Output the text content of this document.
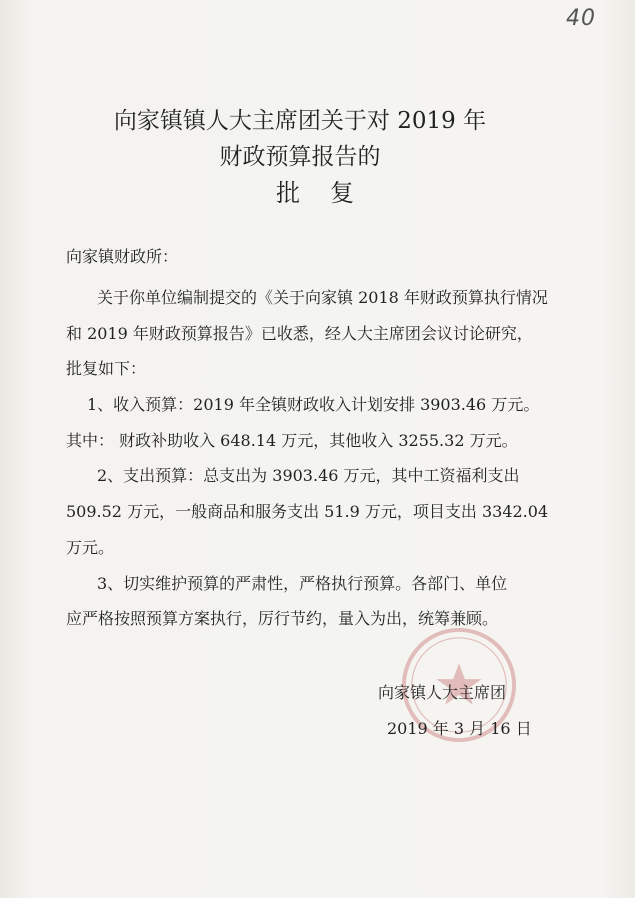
40
向家镇镇人大主席团关于对 2019 年
财政预算报告的
批复
向家镇财政所：
关于你单位编制提交的《关于向家镇 2018 年财政预算执行情况
和 2019 年财政预算报告》已收悉，经人大主席团会议讨论研究，
批复如下：
1、收入预算：2019 年全镇财政收入计划安排 3903.46 万元。
其中： 财政补助收入 648.14 万元，其他收入 3255.32 万元。
2、支出预算：总支出为 3903.46 万元，其中工资福利支出
509.52 万元，一般商品和服务支出 51.9 万元，项目支出 3342.04
万元。
3、切实维护预算的严肃性，严格执行预算。各部门、单位
应严格按照预算方案执行，厉行节约，量入为出，统筹兼顾。
向家镇人大主席团
2019 年 3 月 16 日
